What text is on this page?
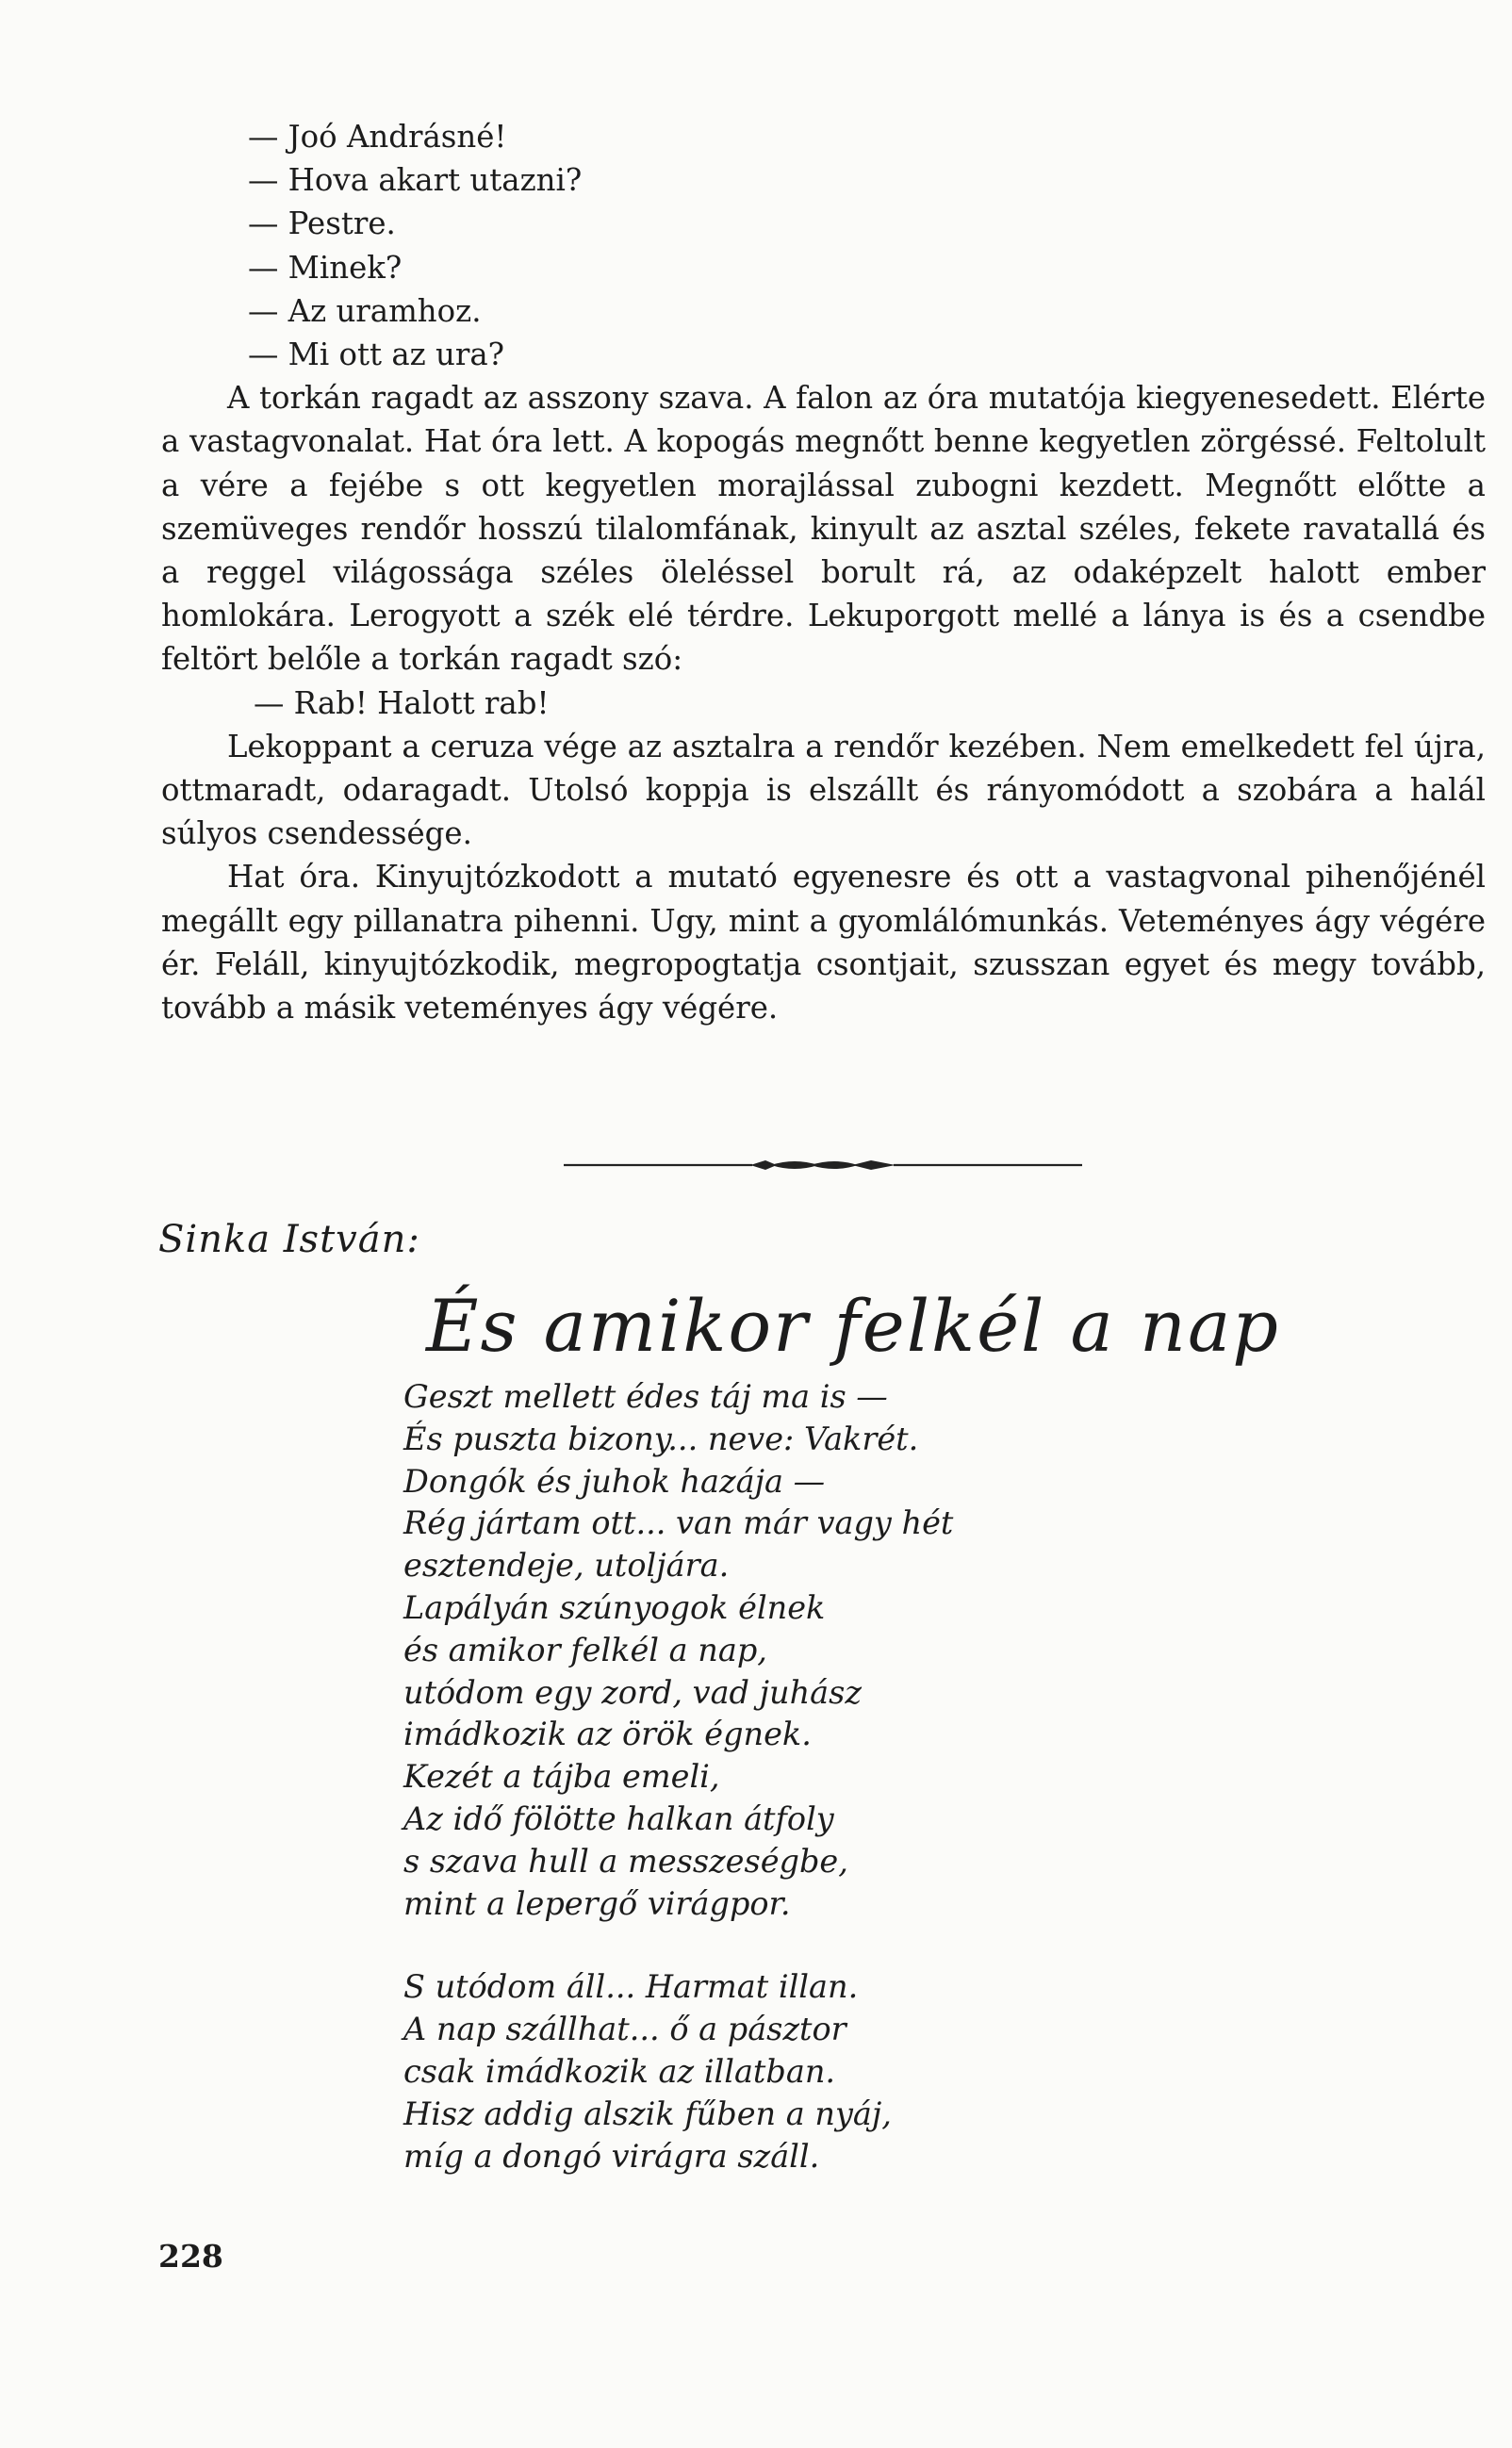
— Joó Andrásné!
— Hova akart utazni?
— Pestre.
— Minek?
— Az uramhoz.
— Mi ott az ura?

A torkán ragadt az asszony szava. A falon az óra mutatója kiegyenesedett. Elérte a vastagvonalat. Hat óra lett. A kopogás megnőtt benne kegyetlen zörgéssé. Feltolult a vére a fejébe s ott kegyetlen morajlással zubogni kezdett. Megnőtt előtte a szemüveges rendőr hosszú tilalomfának, kinyult az asztal széles, fekete ravatallá és a reggel világossága széles öleléssel borult rá, az odaképzelt halott ember homlokára. Lerogyott a szék elé térdre. Lekuporgott mellé a lánya is és a csendbe feltört belőle a torkán ragadt szó:

— Rab! Halott rab!

Lekoppant a ceruza vége az asztalra a rendőr kezében. Nem emelkedett fel újra, ottmaradt, odaragadt. Utolsó koppja is elszállt és rányomódott a szobára a halál súlyos csendessége.

Hat óra. Kinyujtózkodott a mutató egyenesre és ott a vastagvonal pihenőjénél megállt egy pillanatra pihenni. Ugy, mint a gyomlálómunkás. Veteményes ágy végére ér. Feláll, kinyujtózkodik, megropogtatja csontjait, szusszan egyet és megy tovább, tovább a másik veteményes ágy végére.

Sinka István:
És amikor felkél a nap
Geszt mellett édes táj ma is —
És puszta bizony... neve: Vakrét.
Dongók és juhok hazája —
Rég jártam ott... van már vagy hét
esztendeje, utoljára.
Lapályán szúnyogok élnek
és amikor felkél a nap,
utódom egy zord, vad juhász
imádkozik az örök égnek.
Kezét a tájba emeli,
Az idő fölötte halkan átfoly
s szava hull a messzeségbe,
mint a lepergő virágpor.
S utódom áll... Harmat illan.
A nap szállhat... ő a pásztor
csak imádkozik az illatban.
Hisz addig alszik fűben a nyáj,
míg a dongó virágra száll.
228
